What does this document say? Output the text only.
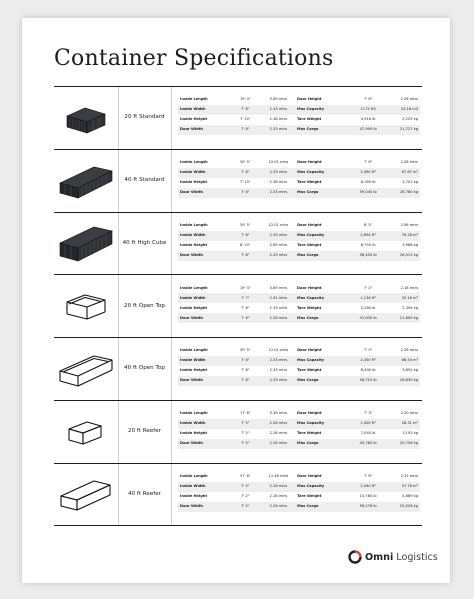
Container Specifications
20 ft Standard
Inside Length	19' 4"	5.89 mtrs	Door Height	7' 6"	2.28 mtrs
Inside Width	7' 8"	2.33 mtrs	Max Capacity	1172 ft3	33.18 m3
Inside Height	7' 10"	2.38 mtrs	Tare Weight	4,916 lb	2,229 kg
Door Width	7' 8"	2.33 mtrs	Max Cargo	47,999 lb	21,727 kg
40 ft Standard
Inside Length	39' 5"	12.01 mtrs	Door Height	7' 6"	2.28 mtrs
Inside Width	7' 8"	2.33 mtrs	Max Capacity	2,390 ft³	67.67 m³
Inside Height	7' 10"	2.38 mtrs	Tare Weight	8,160 lb	3,701 kg
Door Width	7' 8"	2.33 mtrs	Max Cargo	59,040 lb	26,780 kg
40 ft High Cube
Inside Length	39' 5"	12.01 mtrs	Door Height	8' 5"	2.56 mtrs
Inside Width	7' 8"	2.33 mtrs	Max Capacity	2,694 ft³	76.28 m³
Inside Height	8' 10"	2.69 mtrs	Tare Weight	8,750 lb	3,968 kg
Door Width	7' 8"	2.33 mtrs	Max Cargo	58,450 lb	26,512 kg
20 ft Open Top
Inside Length	19' 4"	5.89 mtrs	Door Height	7' 2"	2.18 mtrs
Inside Width	7' 7"	2.31 mtrs	Max Capacity	1,136 ft³	32.16 m³
Inside Height	7' 8"	2.33 mtrs	Tare Weight	5,280 lb	2,394 kg
Door Width	7' 6"	2.28 mtrs	Max Cargo	47,630 lb	21,600 kg
40 ft Open Top
Inside Length	39' 5"	12.01 mtrs	Door Height	7' 5"	2.26 mtrs
Inside Width	7' 8"	2.33 mtrs	Max Capacity	2,350 ft³	66.54 m³
Inside Height	7' 8"	2.33 mtrs	Tare Weight	8,490 lb	3,850 kg
Door Width	7' 8"	2.33 mtrs	Max Cargo	58,710 lb	26,630 kg
20 ft Reefer
Inside Length	17' 8"	5.38 mtrs	Door Height	7' 3"	2.20 mtrs
Inside Width	7' 5"	2.26 mtrs	Max Capacity	1,000 ft³	28.31 m³
Inside Height	7' 5"	2.26 mtrs	Tare Weight	7,040 lb	3,193 kg
Door Width	7' 5"	2.26 mtrs	Max Cargo	45,760 lb	20,756 kg
40 ft Reefer
Inside Length	37' 8"	11.48 mtrs	Door Height	7' 6"	2.15 mtrs
Inside Width	7' 5"	2.26 mtrs	Max Capacity	2,040 ft³	57.76 m³
Inside Height	7' 2"	2.18 mtrs	Tare Weight	10,780 lb	4,889 kg
Door Width	7' 5"	2.26 mtrs	Max Cargo	56,276 lb	25,526 kg
Omni Logistics
